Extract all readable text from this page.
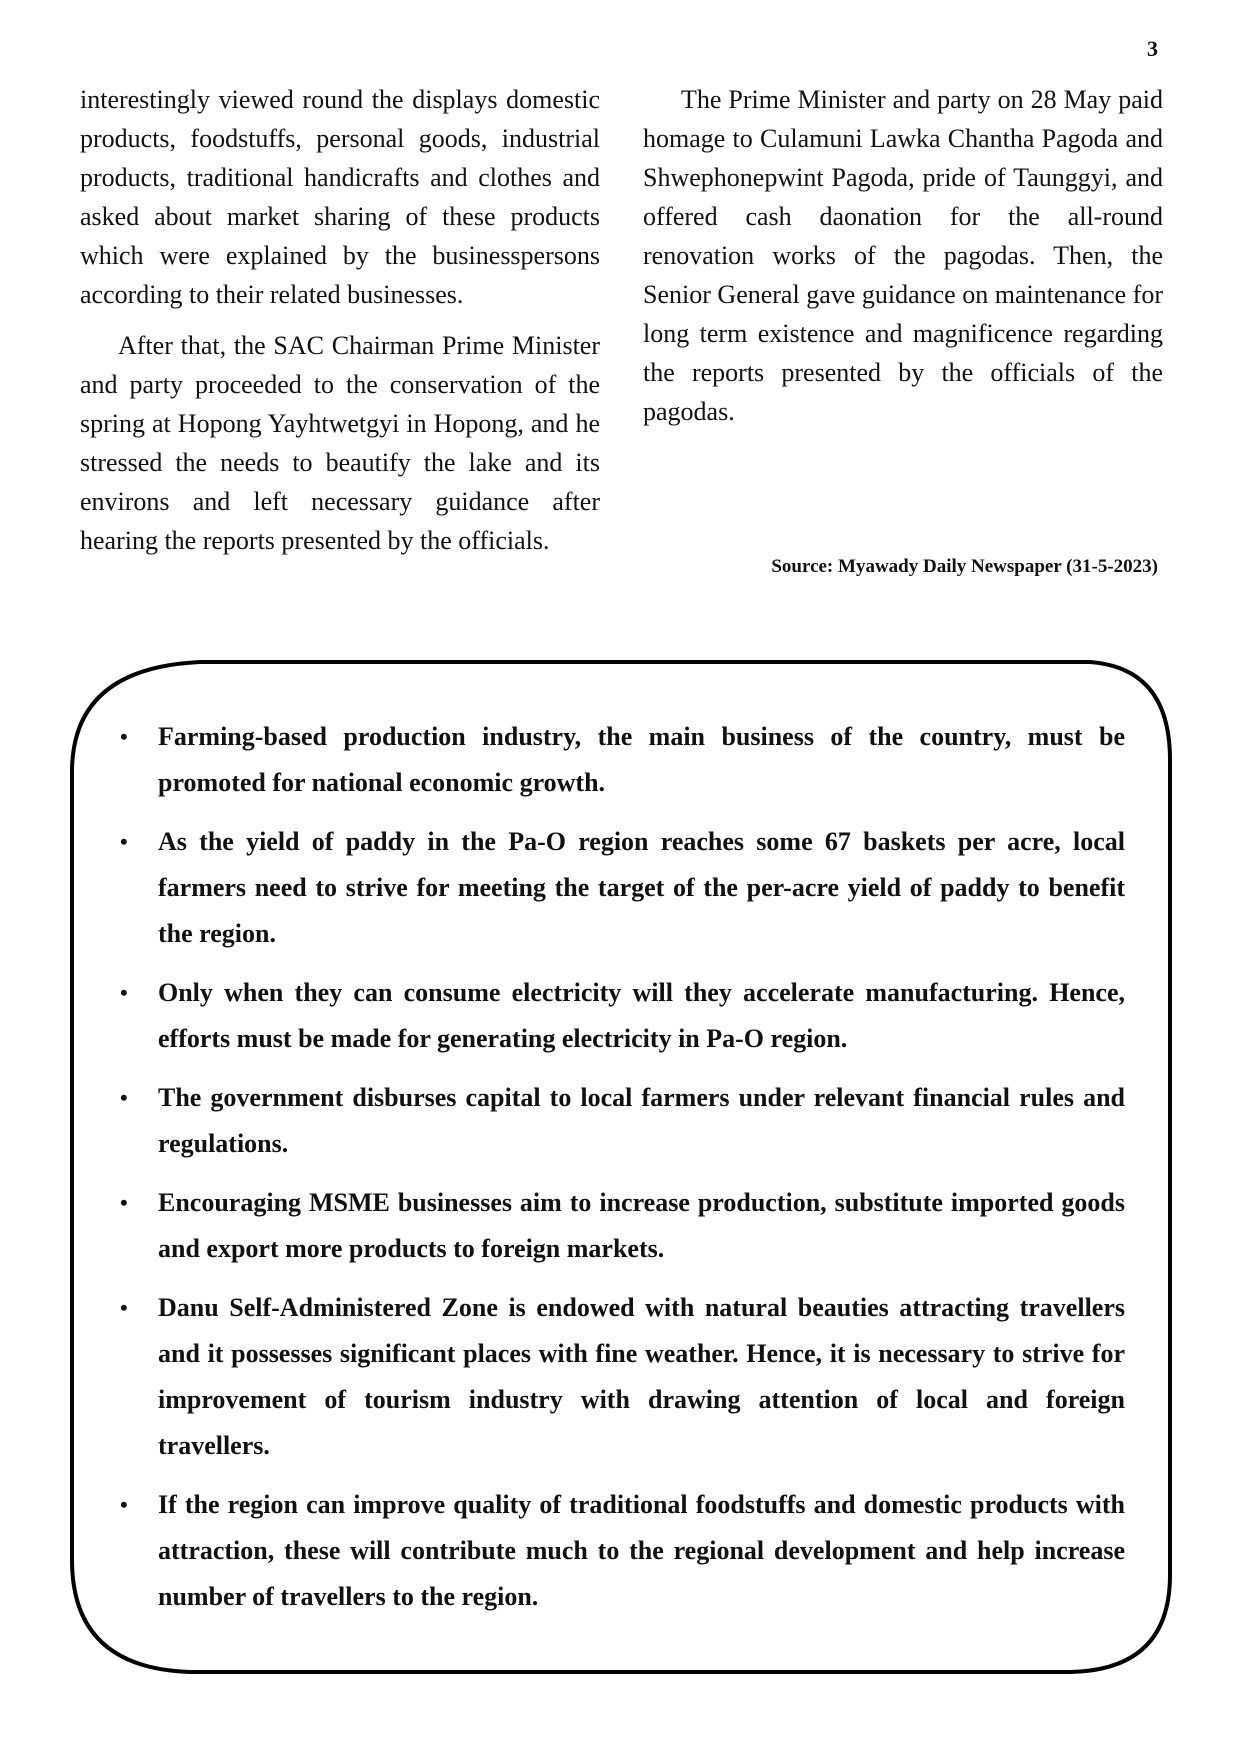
3

interestingly viewed round the displays domestic products, foodstuffs, personal goods, industrial products, traditional handicrafts and clothes and asked about market sharing of these products which were explained by the businesspersons according to their related businesses.

After that, the SAC Chairman Prime Minister and party proceeded to the conservation of the spring at Hopong Yayhtwetgyi in Hopong, and he stressed the needs to beautify the lake and its environs and left necessary guidance after hearing the reports presented by the officials.

The Prime Minister and party on 28 May paid homage to Culamuni Lawka Chantha Pagoda and Shwephonepwint Pagoda, pride of Taunggyi, and offered cash daonation for the all-round renovation works of the pagodas. Then, the Senior General gave guidance on maintenance for long term existence and magnificence regarding the reports presented by the officials of the pagodas.

Source: Myawady Daily Newspaper (31-5-2023)
• Farming-based production industry, the main business of the country, must be promoted for national economic growth.
• As the yield of paddy in the Pa-O region reaches some 67 baskets per acre, local farmers need to strive for meeting the target of the per-acre yield of paddy to benefit the region.
• Only when they can consume electricity will they accelerate manufacturing. Hence, efforts must be made for generating electricity in Pa-O region.
• The government disburses capital to local farmers under relevant financial rules and regulations.
• Encouraging MSME businesses aim to increase production, substitute imported goods and export more products to foreign markets.
• Danu Self-Administered Zone is endowed with natural beauties attracting travellers and it possesses significant places with fine weather. Hence, it is necessary to strive for improvement of tourism industry with drawing attention of local and foreign travellers.
• If the region can improve quality of traditional foodstuffs and domestic products with attraction, these will contribute much to the regional development and help increase number of travellers to the region.
